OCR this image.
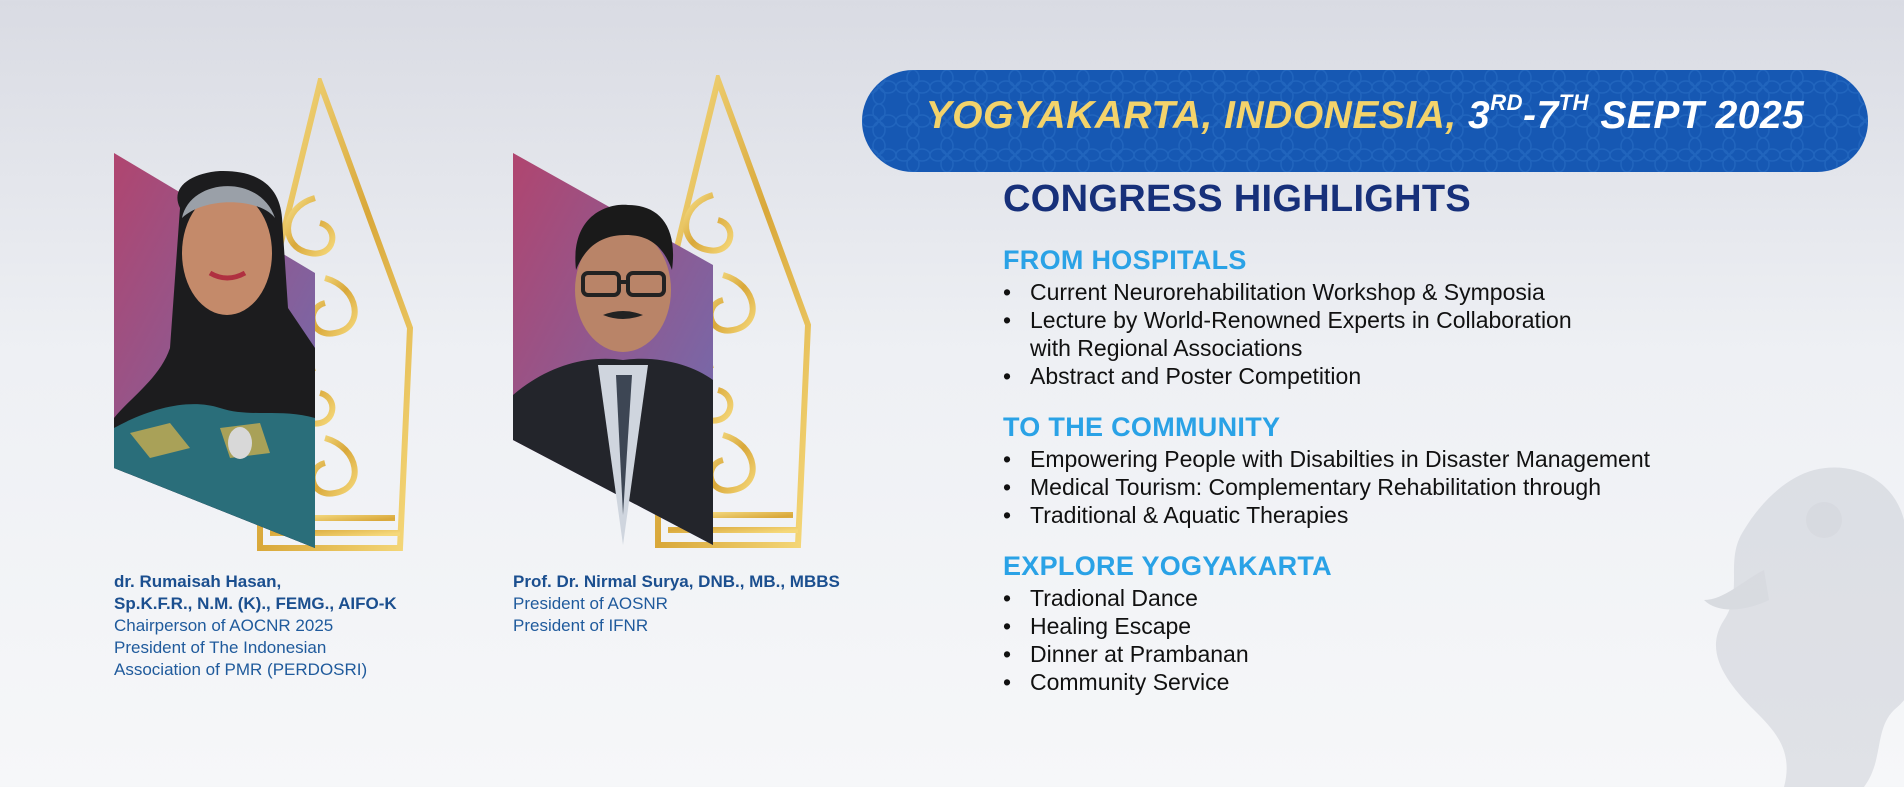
dr. Rumaisah Hasan,
Sp.K.F.R., N.M. (K)., FEMG., AIFO-K
Chairperson of AOCNR 2025
President of The Indonesian
Association of PMR (PERDOSRI)
Prof. Dr. Nirmal Surya, DNB., MB., MBBS
President of AOSNR
President of IFNR
YOGYAKARTA, INDONESIA, 3RD-7TH SEPT 2025
CONGRESS HIGHLIGHTS
FROM HOSPITALS
• Current Neurorehabilitation Workshop & Symposia
• Lecture by World-Renowned Experts in Collaboration with Regional Associations
• Abstract and Poster Competition
TO THE COMMUNITY
• Empowering People with Disabilties in Disaster Management
• Medical Tourism: Complementary Rehabilitation through
• Traditional & Aquatic Therapies
EXPLORE YOGYAKARTA
• Tradional Dance
• Healing Escape
• Dinner at Prambanan
• Community Service
